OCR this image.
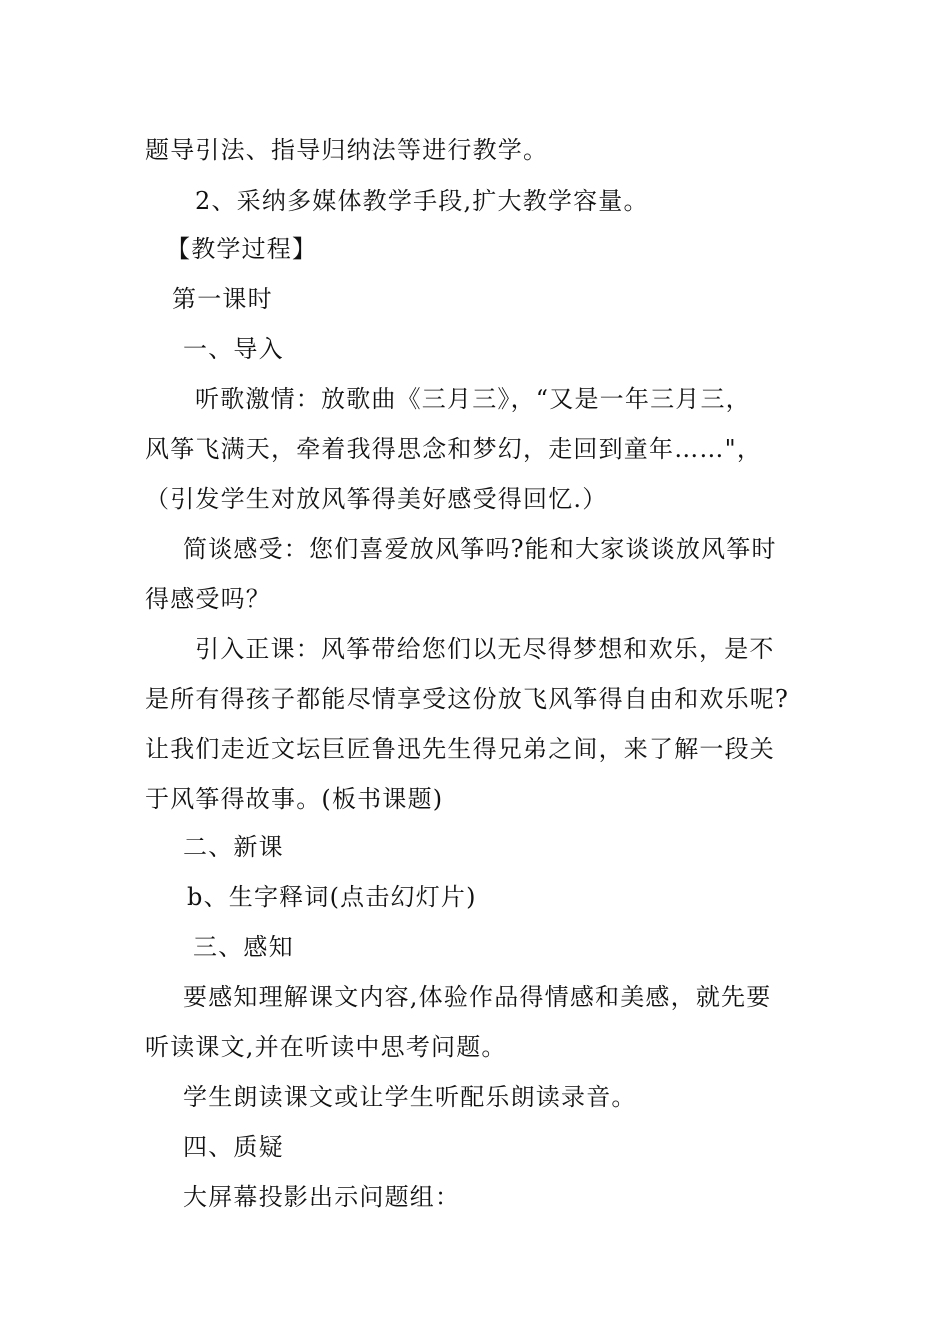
题导引法、指导归纳法等进行教学。
2、采纳多媒体教学手段,扩大教学容量。
【教学过程】
第一课时
一、导入
听歌激情：放歌曲《三月三》，“又是一年三月三，
风筝飞满天，牵着我得思念和梦幻，走回到童年……"，
（引发学生对放风筝得美好感受得回忆.）
简谈感受：您们喜爱放风筝吗?能和大家谈谈放风筝时
得感受吗？
引入正课：风筝带给您们以无尽得梦想和欢乐，是不
是所有得孩子都能尽情享受这份放飞风筝得自由和欢乐呢?
让我们走近文坛巨匠鲁迅先生得兄弟之间，来了解一段关
于风筝得故事。(板书课题)
二、新课
b、生字释词(点击幻灯片)
三、感知
要感知理解课文内容,体验作品得情感和美感，就先要
听读课文,并在听读中思考问题。
学生朗读课文或让学生听配乐朗读录音。
四、质疑
大屏幕投影出示问题组：
